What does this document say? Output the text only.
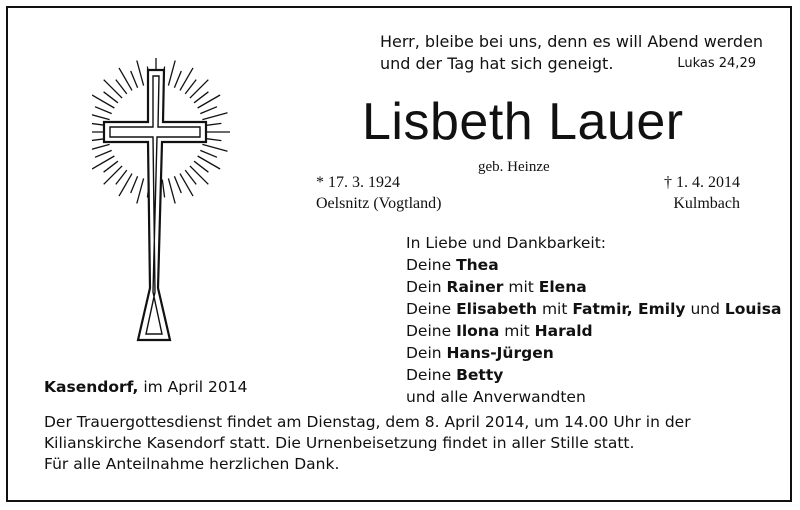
Herr, bleibe bei uns, denn es will Abend werden
und der Tag hat sich geneigt.	Lukas 24,29
Lisbeth Lauer
geb. Heinze
* 17. 3. 1924	† 1. 4. 2014
Oelsnitz (Vogtland)	Kulmbach
In Liebe und Dankbarkeit:
Deine Thea
Dein Rainer mit Elena
Deine Elisabeth mit Fatmir, Emily und Louisa
Deine Ilona mit Harald
Dein Hans-Jürgen
Deine Betty
und alle Anverwandten
Kasendorf, im April 2014
Der Trauergottesdienst findet am Dienstag, dem 8. April 2014, um 14.00 Uhr in der
Kilianskirche Kasendorf statt. Die Urnenbeisetzung findet in aller Stille statt.
Für alle Anteilnahme herzlichen Dank.
